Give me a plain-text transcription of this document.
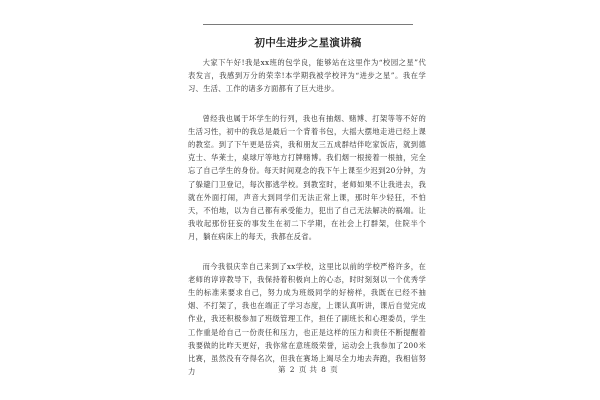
初中生进步之星演讲稿

大家下午好!我是xx班的包学良，能够站在这里作为“校园之星”代表发言，我感到万分的荣幸!本学期我被学校评为“进步之星”。我在学习、生活、工作的诸多方面都有了巨大进步。

曾经我也属于坏学生的行列，我也有抽烟、赌博、打架等等不好的生活习性，初中的我总是最后一个背着书包，大摇大摆地走进已经上课的教室。到了下午更是岳宾，我和朋友三五成群结伴吃家饭店，就到德克士、华莱士，桌球厅等地方打牌赌博。我们烟一根接着一根抽，完全忘了自己学生的身份。每天时间观念的我下午上课至少迟到20分钟，为了躲避门卫登记，每次都逃学校。到教室时，老师如果不让我进去，我就在外面打闹，声音大到同学们无法正常上课，那时年少轻狂，不怕天，不怕地，以为自己都有承受能力，犯出了自己无法解决的祸端。让我收起那份狂妄的事发生在初二下学期，在社会上打群架，住院半个月，躺在病床上的每天，我都在反省。

而今我很庆幸自己来到了xx学校，这里比以前的学校严格许多，在老师的谆谆教导下，我保持着积极向上的心态，时时刻刻以一个优秀学生的标准来要求自己，努力成为班级同学的好榜样，我既在已经不抽烟、不打架了，我也在端正了学习态度，上课认真听讲，课后自觉完成作业，我还积极参加了班级管理工作，担任了副班长和心理委员，学生工作重是给自己一份责任和压力，也正是这样的压力和责任不断提醒着我要做的比昨天更好，我你常在意班级荣誉，运动会上我参加了200米比赛，虽然没有夺得名次，但我在赛场上竭尽全力地去奔跑，我相信努力	第 2 页 共 8 页
